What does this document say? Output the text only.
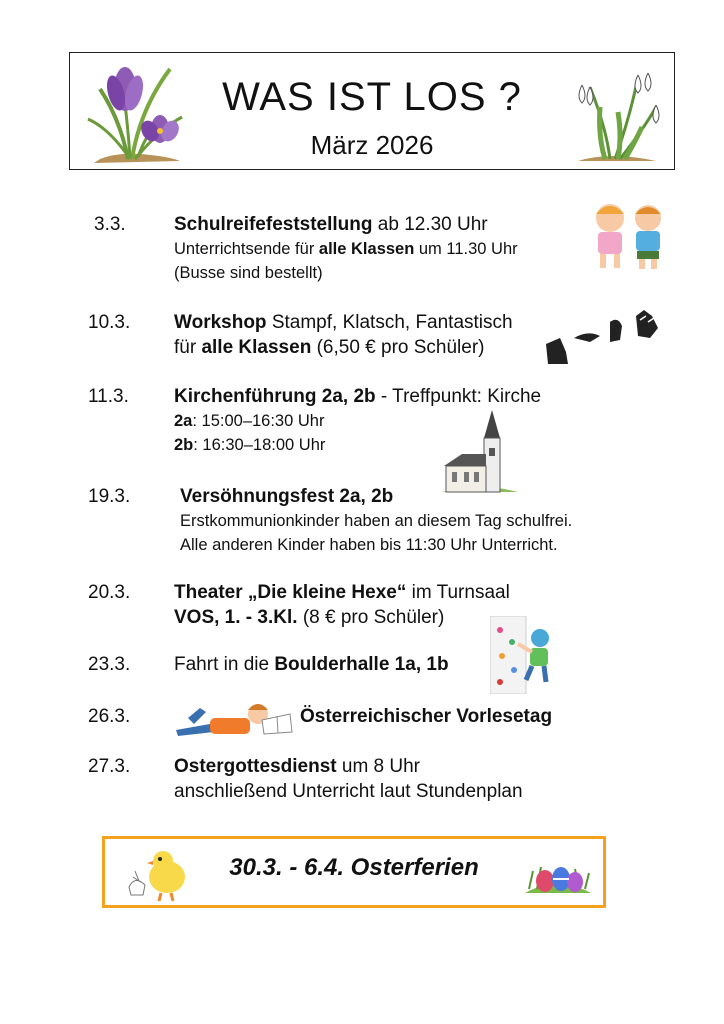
WAS IST LOS ?
März 2026
3.3.	Schulreifefeststellung ab 12.30 Uhr
Unterrichtsende für alle Klassen um 11.30 Uhr
(Busse sind bestellt)
10.3. Workshop Stampf, Klatsch, Fantastisch
für alle Klassen (6,50 € pro Schüler)
11.3. Kirchenführung 2a, 2b - Treffpunkt: Kirche
2a: 15:00–16:30 Uhr
2b: 16:30–18:00 Uhr
19.3.	Versöhnungsfest 2a, 2b
Erstkommunionkinder haben an diesem Tag schulfrei.
Alle anderen Kinder haben bis 11:30 Uhr Unterricht.
20.3. Theater „Die kleine Hexe“ im Turnsaal
VOS, 1. - 3.Kl. (8 € pro Schüler)
23.3. Fahrt in die Boulderhalle 1a, 1b
26.3.	Österreichischer Vorlesetag
27.3. Ostergottesdienst um 8 Uhr
anschließend Unterricht laut Stundenplan
30.3. - 6.4. Osterferien
